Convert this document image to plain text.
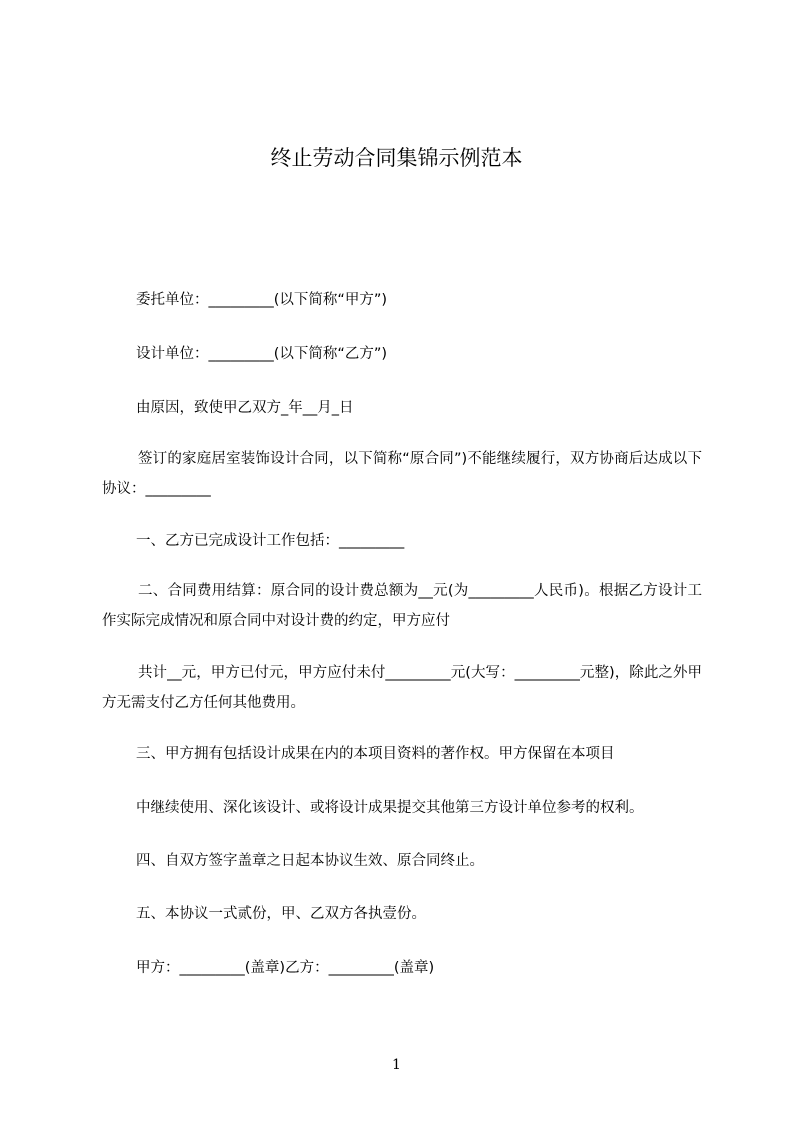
终止劳动合同集锦示例范本
委托单位：_________(以下简称“甲方”)
设计单位：_________(以下简称“乙方”)
由原因，致使甲乙双方_年__月_日
签订的家庭居室装饰设计合同，以下简称“原合同”)不能继续履行，双方协商后达成以下协议：_________
一、乙方已完成设计工作包括：_________
二、合同费用结算：原合同的设计费总额为__元(为_________人民币)。根据乙方设计工作实际完成情况和原合同中对设计费的约定，甲方应付
共计__元，甲方已付元，甲方应付未付_________元(大写：_________元整)，除此之外甲方无需支付乙方任何其他费用。
三、甲方拥有包括设计成果在内的本项目资料的著作权。甲方保留在本项目
中继续使用、深化该设计、或将设计成果提交其他第三方设计单位参考的权利。
四、自双方签字盖章之日起本协议生效、原合同终止。
五、本协议一式贰份，甲、乙双方各执壹份。
甲方：_________(盖章)乙方：_________(盖章)
1
